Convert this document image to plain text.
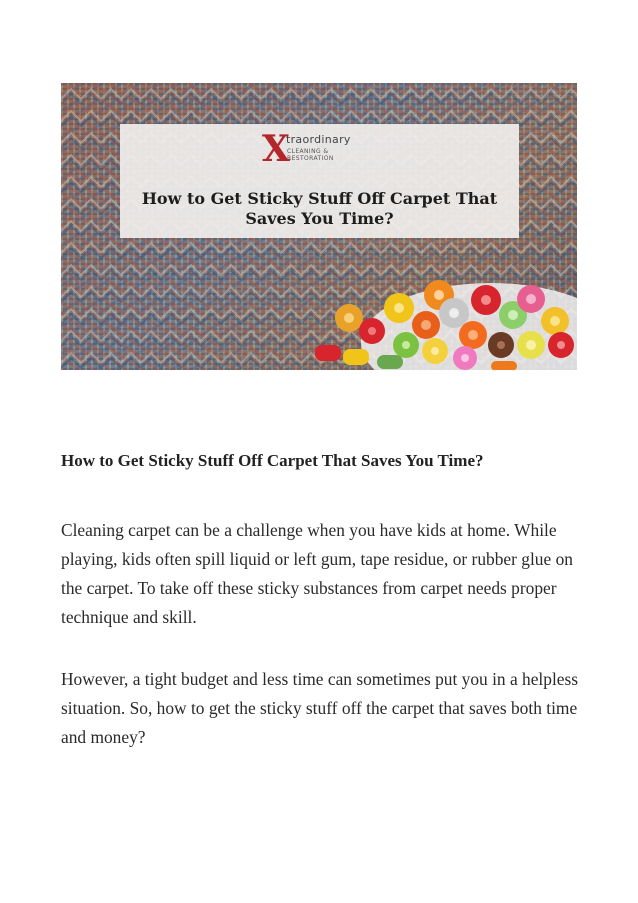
X
traordinary
CLEANING &
RESTORATION
How to Get Sticky Stuff Off Carpet That
Saves You Time?
How to Get Sticky Stuff Off Carpet That Saves You Time?

Cleaning carpet can be a challenge when you have kids at home. While playing, kids often spill liquid or left gum, tape residue, or rubber glue on the carpet. To take off these sticky substances from carpet needs proper technique and skill.

However, a tight budget and less time can sometimes put you in a helpless situation. So, how to get the sticky stuff off the carpet that saves both time and money?
